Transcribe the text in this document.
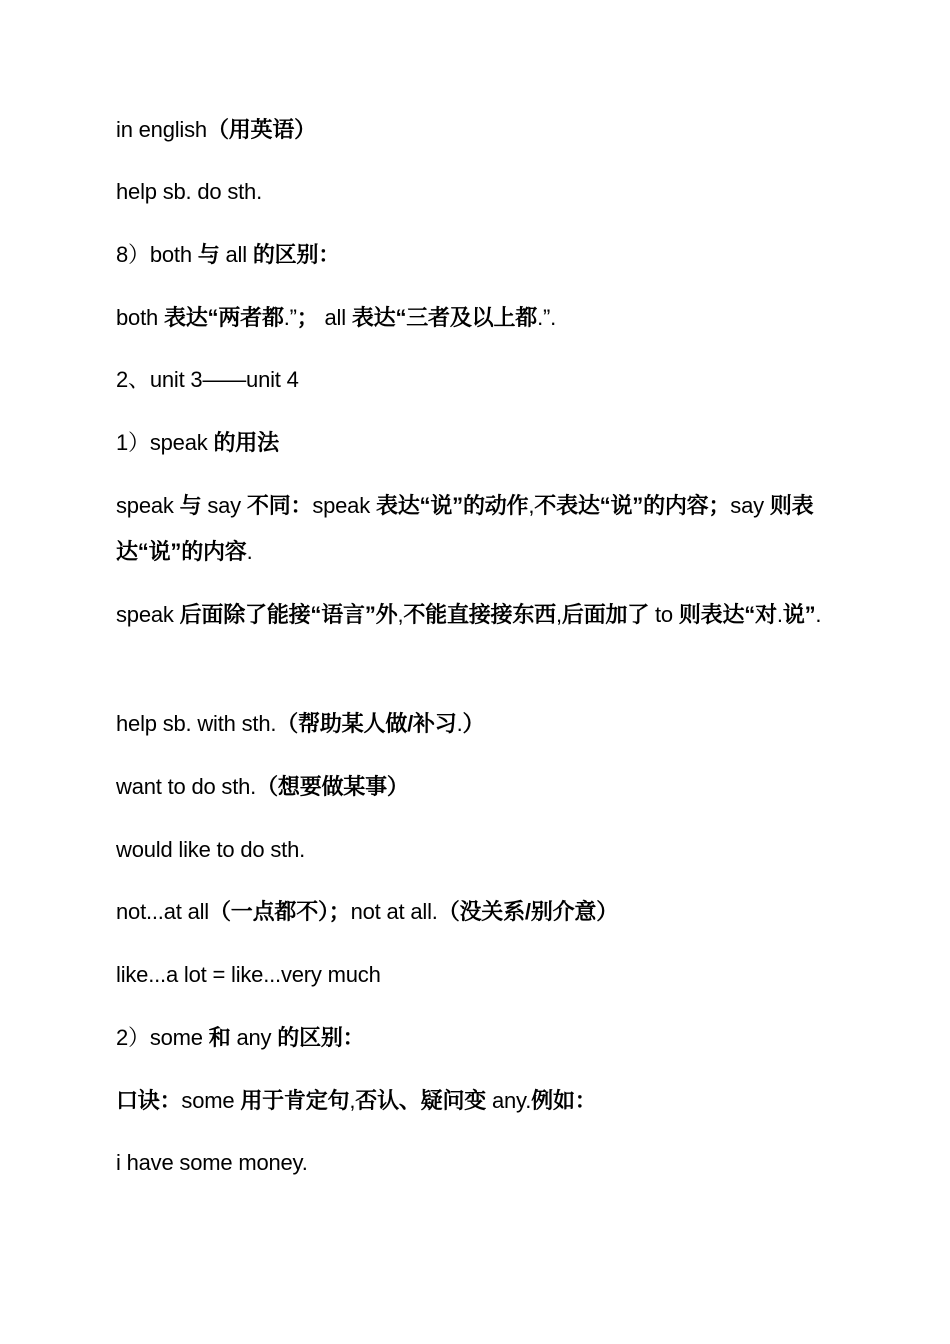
in english（用英语）
help sb. do sth.
8）both 与 all 的区别：
both 表达“两者都.”； all 表达“三者及以上都.”.
2、unit 3——unit 4
1）speak 的用法
speak 与 say 不同：speak 表达“说”的动作,不表达“说”的内容；say 则表达“说”的内容.
speak 后面除了能接“语言”外,不能直接接东西,后面加了 to 则表达“对.说”.
help sb. with sth.（帮助某人做/补习.）
want to do sth.（想要做某事）
would like to do sth.
not...at all（一点都不）；not at all.（没关系/别介意）
like...a lot = like...very much
2）some 和 any 的区别：
口诀：some 用于肯定句,否认、疑问变 any.例如：
i have some money.
